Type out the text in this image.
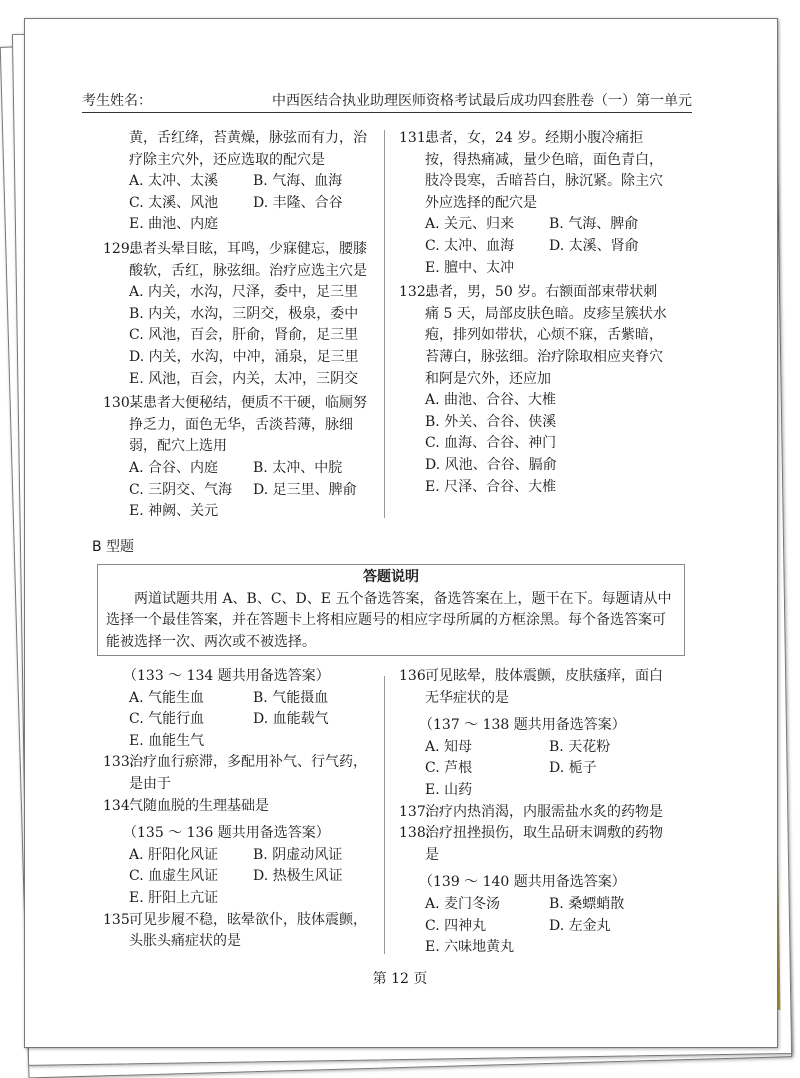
考生姓名：	中西医结合执业助理医师资格考试最后成功四套胜卷（一）第一单元
黄，舌红绛，苔黄燥，脉弦而有力，治
疗除主穴外，还应选取的配穴是
A. 太冲、太溪	B. 气海、血海
C. 太溪、风池	D. 丰隆、合谷
E. 曲池、内庭
129.
患者头晕目眩，耳鸣，少寐健忘，腰膝酸软，舌红，脉弦细。治疗应选主穴是
A. 内关，水沟，尺泽，委中，足三里
B. 内关，水沟，三阴交，极泉，委中
C. 风池，百会，肝俞，肾俞，足三里
D. 内关，水沟，中冲，涌泉，足三里
E. 风池，百会，内关，太冲，三阴交
130.
某患者大便秘结，便质不干硬，临厕努挣乏力，面色无华，舌淡苔薄，脉细弱，配穴上选用
A. 合谷、内庭	B. 太冲、中脘
C. 三阴交、气海	D. 足三里、脾俞
E. 神阙、关元
131.
患者，女，24 岁。经期小腹冷痛拒按，得热痛减，量少色暗，面色青白，肢冷畏寒，舌暗苔白，脉沉紧。除主穴外应选择的配穴是
A. 关元、归来	B. 气海、脾俞
C. 太冲、血海	D. 太溪、肾俞
E. 膻中、太冲
132.
患者，男，50 岁。右额面部束带状刺痛 5 天，局部皮肤色暗。皮疹呈簇状水疱，排列如带状，心烦不寐，舌紫暗，苔薄白，脉弦细。治疗除取相应夹脊穴和阿是穴外，还应加
A. 曲池、合谷、大椎
B. 外关、合谷、侠溪
C. 血海、合谷、神门
D. 风池、合谷、膈俞
E. 尺泽、合谷、大椎
B 型题
答题说明
两道试题共用 A、B、C、D、E 五个备选答案，备选答案在上，题干在下。每题请从中选择一个最佳答案，并在答题卡上将相应题号的相应字母所属的方框涂黑。每个备选答案可能被选择一次、两次或不被选择。
（133 ～ 134 题共用备选答案）
A. 气能生血	B. 气能摄血
C. 气能行血	D. 血能载气
E. 血能生气
133.
治疗血行瘀滞，多配用补气、行气药，是由于
134.
气随血脱的生理基础是
（135 ～ 136 题共用备选答案）
A. 肝阳化风证	B. 阴虚动风证
C. 血虚生风证	D. 热极生风证
E. 肝阳上亢证
135.
可见步履不稳，眩晕欲仆，肢体震颤，头胀头痛症状的是
136.
可见眩晕，肢体震颤，皮肤瘙痒，面白无华症状的是
（137 ～ 138 题共用备选答案）
A. 知母	B. 天花粉
C. 芦根	D. 栀子
E. 山药
137.
治疗内热消渴，内服需盐水炙的药物是
138.
治疗扭挫损伤，取生品研末调敷的药物是
（139 ～ 140 题共用备选答案）
A. 麦门冬汤	B. 桑螵蛸散
C. 四神丸	D. 左金丸
E. 六味地黄丸
第 12 页
